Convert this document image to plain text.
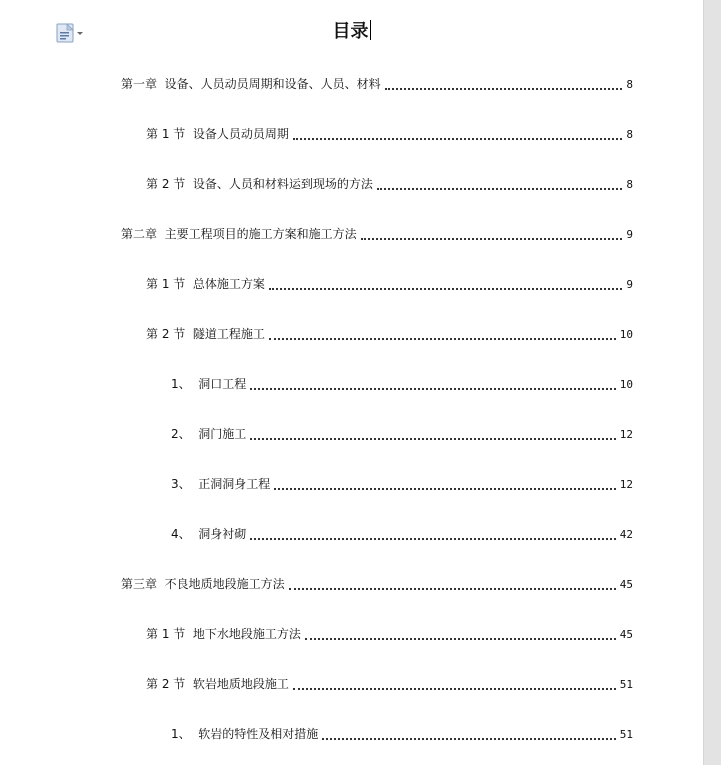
目录
第一章  设备、人员动员周期和设备、人员、材料	8
第 1 节  设备人员动员周期	8
第 2 节  设备、人员和材料运到现场的方法	8
第二章  主要工程项目的施工方案和施工方法	9
第 1 节  总体施工方案	9
第 2 节  隧道工程施工	10
1、  洞口工程	10
2、  洞门施工	12
3、  正洞洞身工程	12
4、  洞身衬砌	42
第三章  不良地质地段施工方法	45
第 1 节  地下水地段施工方法	45
第 2 节  软岩地质地段施工	51
1、  软岩的特性及相对措施	51
